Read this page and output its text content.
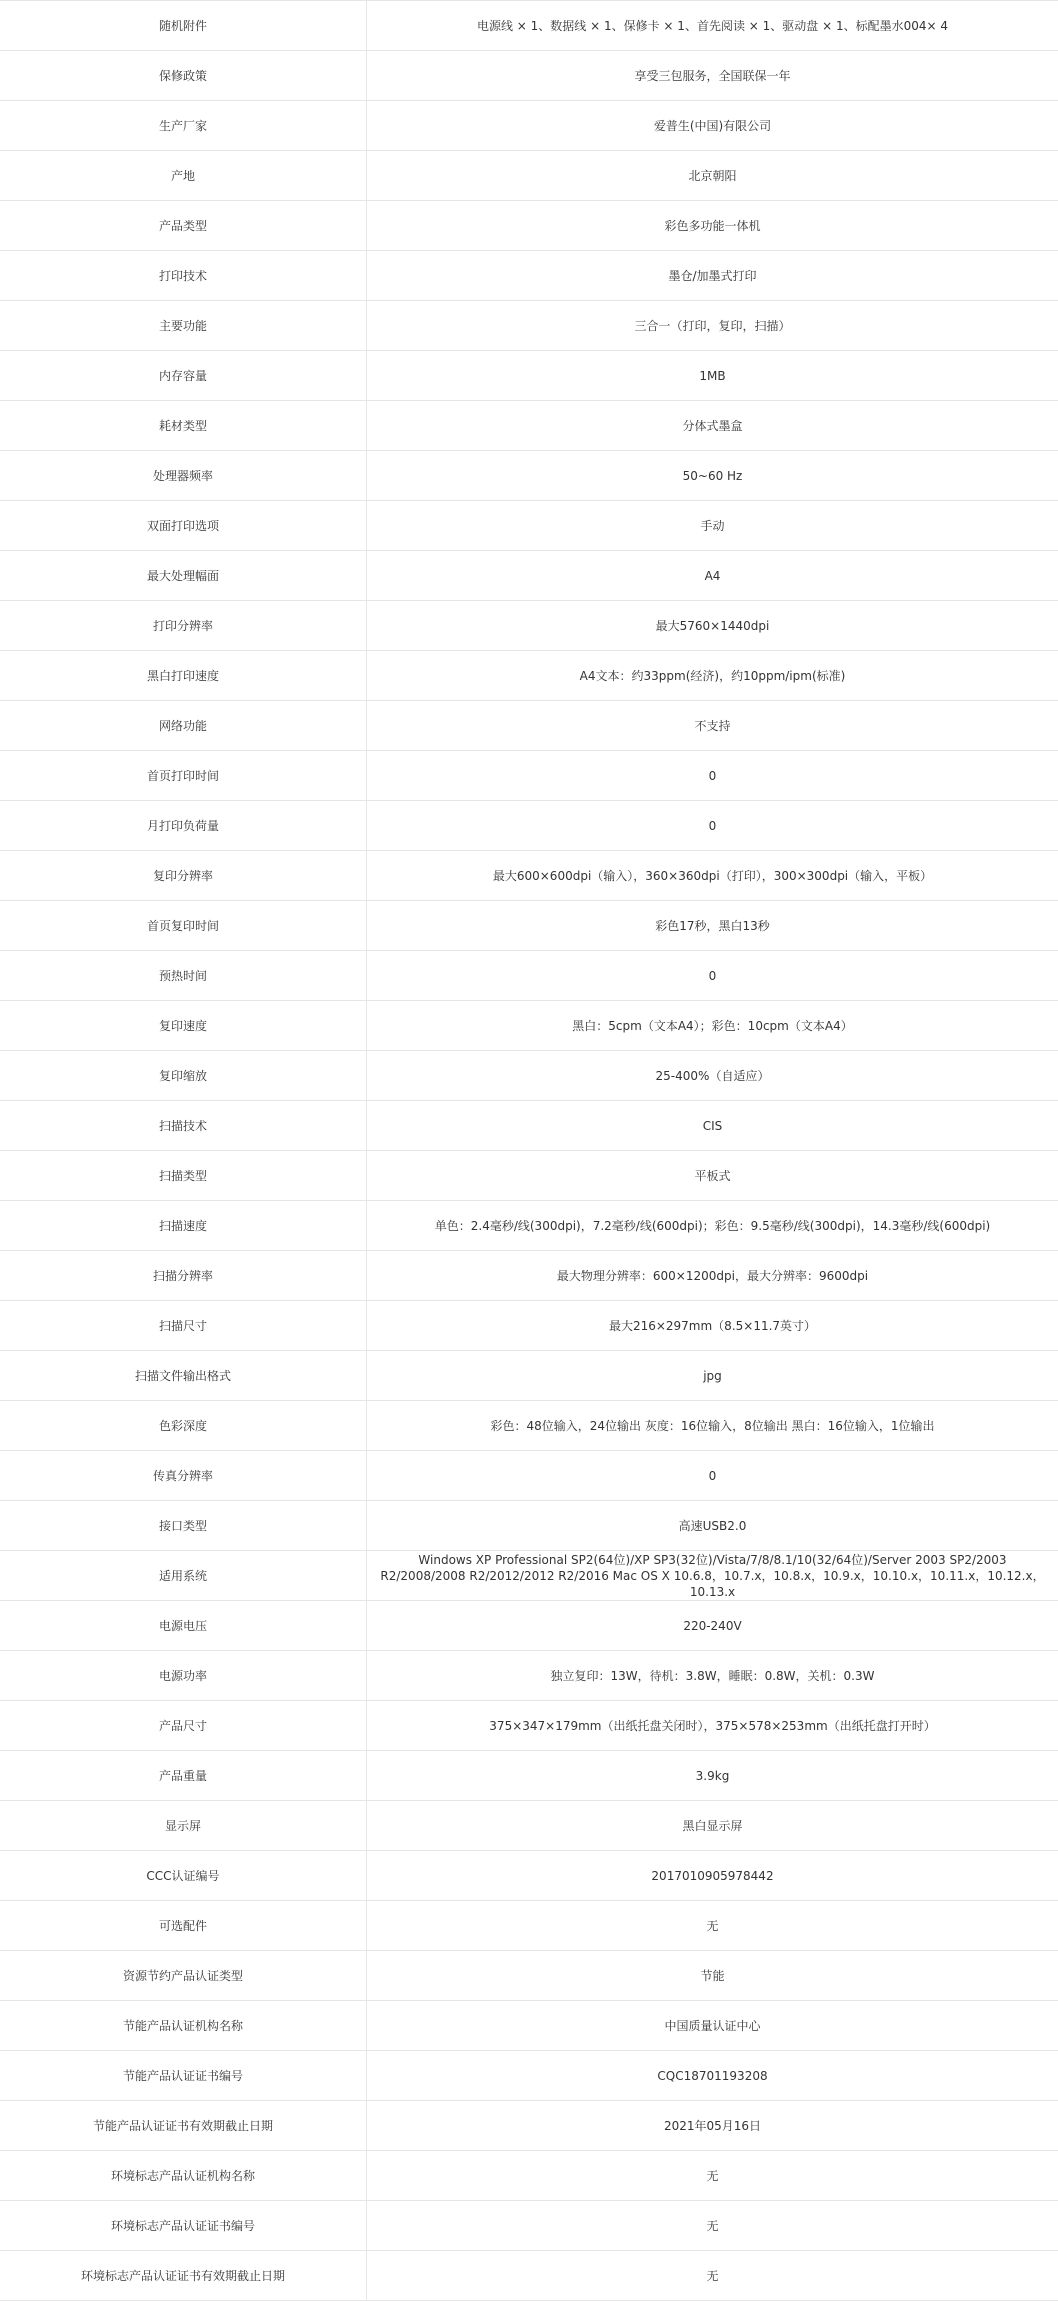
随机附件	电源线 × 1、数据线 × 1、保修卡 × 1、首先阅读 × 1、驱动盘 × 1、标配墨水004× 4
保修政策	享受三包服务，全国联保一年
生产厂家	爱普生(中国)有限公司
产地	北京朝阳
产品类型	彩色多功能一体机
打印技术	墨仓/加墨式打印
主要功能	三合一（打印，复印，扫描）
内存容量	1MB
耗材类型	分体式墨盒
处理器频率	50~60 Hz
双面打印选项	手动
最大处理幅面	A4
打印分辨率	最大5760×1440dpi
黑白打印速度	A4文本：约33ppm(经济)，约10ppm/ipm(标准)
网络功能	不支持
首页打印时间	0
月打印负荷量	0
复印分辨率	最大600×600dpi（输入），360×360dpi（打印），300×300dpi（输入，平板）
首页复印时间	彩色17秒，黑白13秒
预热时间	0
复印速度	黑白：5cpm（文本A4）；彩色：10cpm（文本A4）
复印缩放	25-400%（自适应）
扫描技术	CIS
扫描类型	平板式
扫描速度	单色：2.4毫秒/线(300dpi)，7.2毫秒/线(600dpi)；彩色：9.5毫秒/线(300dpi)，14.3毫秒/线(600dpi)
扫描分辨率	最大物理分辨率：600×1200dpi，最大分辨率：9600dpi
扫描尺寸	最大216×297mm（8.5×11.7英寸）
扫描文件输出格式	jpg
色彩深度	彩色：48位输入，24位输出 灰度：16位输入，8位输出 黑白：16位输入，1位输出
传真分辨率	0
接口类型	高速USB2.0
适用系统	Windows XP Professional SP2(64位)/XP SP3(32位)/Vista/7/8/8.1/10(32/64位)/Server 2003 SP2/2003 R2/2008/2008 R2/2012/2012 R2/2016 Mac OS X 10.6.8，10.7.x，10.8.x，10.9.x，10.10.x，10.11.x，10.12.x，10.13.x
电源电压	220-240V
电源功率	独立复印：13W，待机：3.8W，睡眠：0.8W，关机：0.3W
产品尺寸	375×347×179mm（出纸托盘关闭时），375×578×253mm（出纸托盘打开时）
产品重量	3.9kg
显示屏	黑白显示屏
CCC认证编号	2017010905978442
可选配件	无
资源节约产品认证类型	节能
节能产品认证机构名称	中国质量认证中心
节能产品认证证书编号	CQC18701193208
节能产品认证证书有效期截止日期	2021年05月16日
环境标志产品认证机构名称	无
环境标志产品认证证书编号	无
环境标志产品认证证书有效期截止日期	无
